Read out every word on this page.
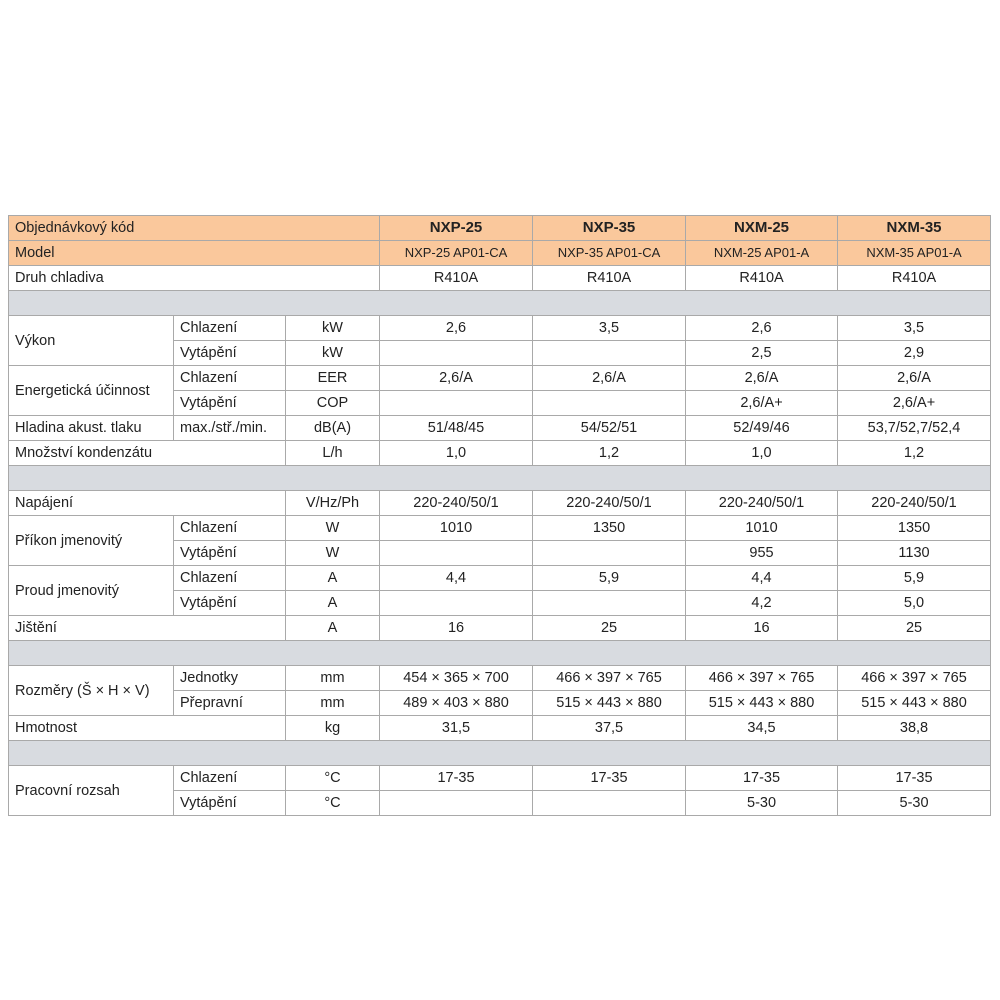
Objednávkový kód			NXP-25	NXP-35	NXM-25	NXM-35
Model			NXP-25 AP01-CA	NXP-35 AP01-CA	NXM-25 AP01-A	NXM-35 AP01-A
Druh chladiva			R410A	R410A	R410A	R410A

Výkon	Chlazení	kW	2,6	3,5	2,6	3,5
	Vytápění	kW			2,5	2,9
Energetická účinnost	Chlazení	EER	2,6/A	2,6/A	2,6/A	2,6/A
	Vytápění	COP			2,6/A+	2,6/A+
Hladina akust. tlaku	max./stř./min.	dB(A)	51/48/45	54/52/51	52/49/46	53,7/52,7/52,4
Množství kondenzátu		L/h	1,0	1,2	1,0	1,2

Napájení		V/Hz/Ph	220-240/50/1	220-240/50/1	220-240/50/1	220-240/50/1
Příkon jmenovitý	Chlazení	W	1010	1350	1010	1350
	Vytápění	W			955	1130
Proud jmenovitý	Chlazení	A	4,4	5,9	4,4	5,9
	Vytápění	A			4,2	5,0
Jištění		A	16	25	16	25

Rozměry (Š × H × V)	Jednotky	mm	454 × 365 × 700	466 × 397 × 765	466 × 397 × 765	466 × 397 × 765
	Přepravní	mm	489 × 403 × 880	515 × 443 × 880	515 × 443 × 880	515 × 443 × 880
Hmotnost		kg	31,5	37,5	34,5	38,8

Pracovní rozsah	Chlazení	°C	17-35	17-35	17-35	17-35
	Vytápění	°C			5-30	5-30
